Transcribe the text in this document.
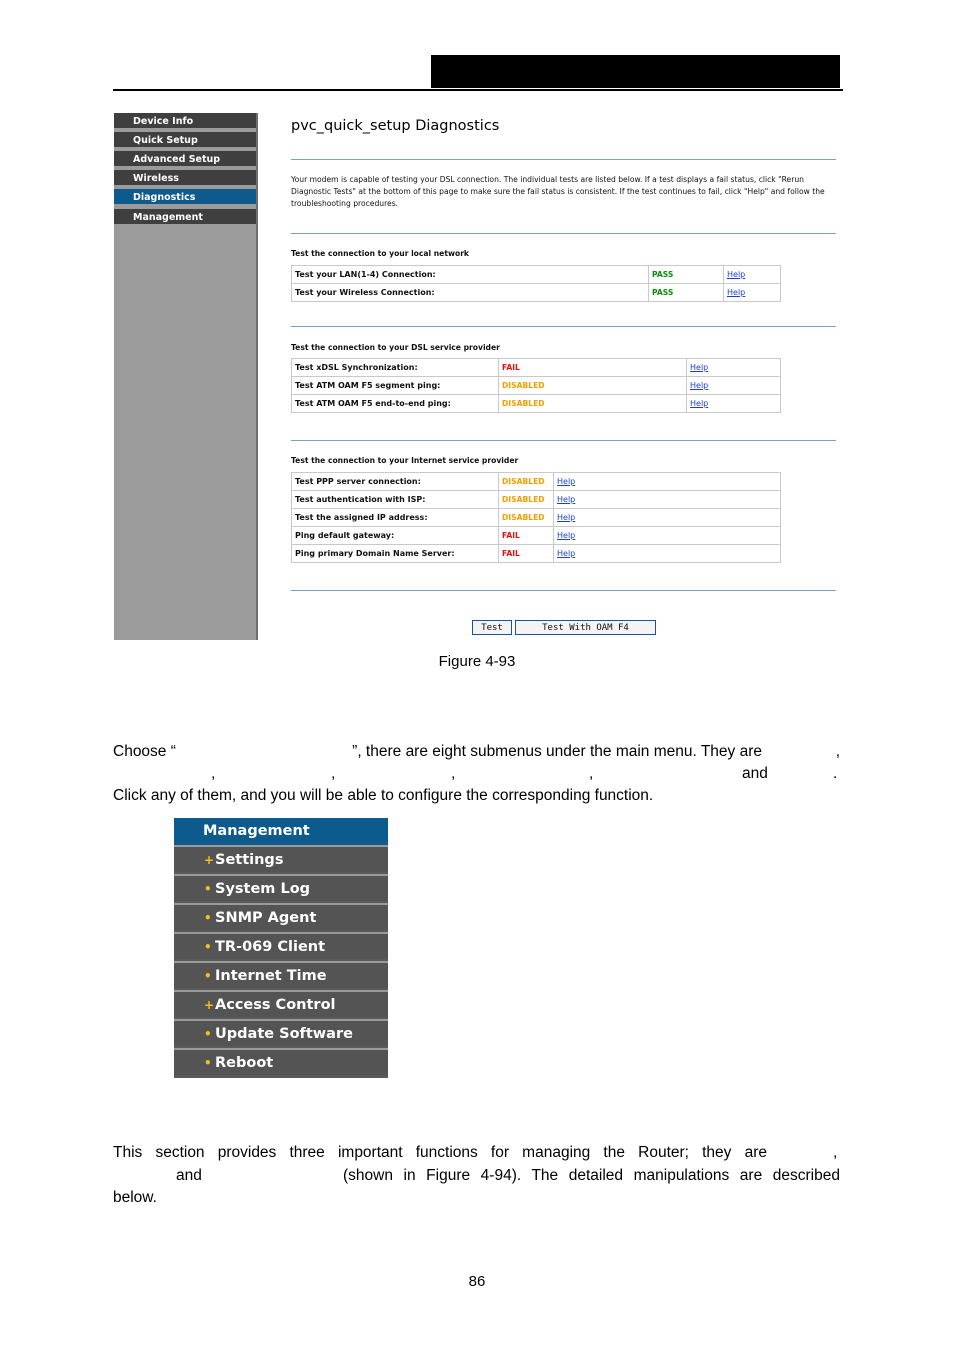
Device Info
Quick Setup
Advanced Setup
Wireless
Diagnostics
Management
pvc_quick_setup Diagnostics
Your modem is capable of testing your DSL connection. The individual tests are listed below. If a test displays a fail status, click "Rerun Diagnostic Tests" at the bottom of this page to make sure the fail status is consistent. If the test continues to fail, click "Help" and follow the troubleshooting procedures.
Test the connection to your local network
Test your LAN(1-4) Connection:	PASS	Help
Test your Wireless Connection:	PASS	Help
Test the connection to your DSL service provider
Test xDSL Synchronization:	FAIL	Help
Test ATM OAM F5 segment ping:	DISABLED	Help
Test ATM OAM F5 end-to-end ping:	DISABLED	Help
Test the connection to your Internet service provider
Test PPP server connection:	DISABLED	Help
Test authentication with ISP:	DISABLED	Help
Test the assigned IP address:	DISABLED	Help
Ping default gateway:	FAIL	Help
Ping primary Domain Name Server:	FAIL	Help
Test	Test With OAM F4
Figure 4-93
Choose “	”, there are eight submenus under the main menu. They are	,
,	,	,	,	and	.
Click any of them, and you will be able to configure the corresponding function.
Management
+ Settings
• System Log
• SNMP Agent
• TR-069 Client
• Internet Time
+ Access Control
• Update Software
• Reboot
This section provides three important functions for managing the Router; they are	,
and	(shown in Figure 4-94). The detailed manipulations are described
below.
86
